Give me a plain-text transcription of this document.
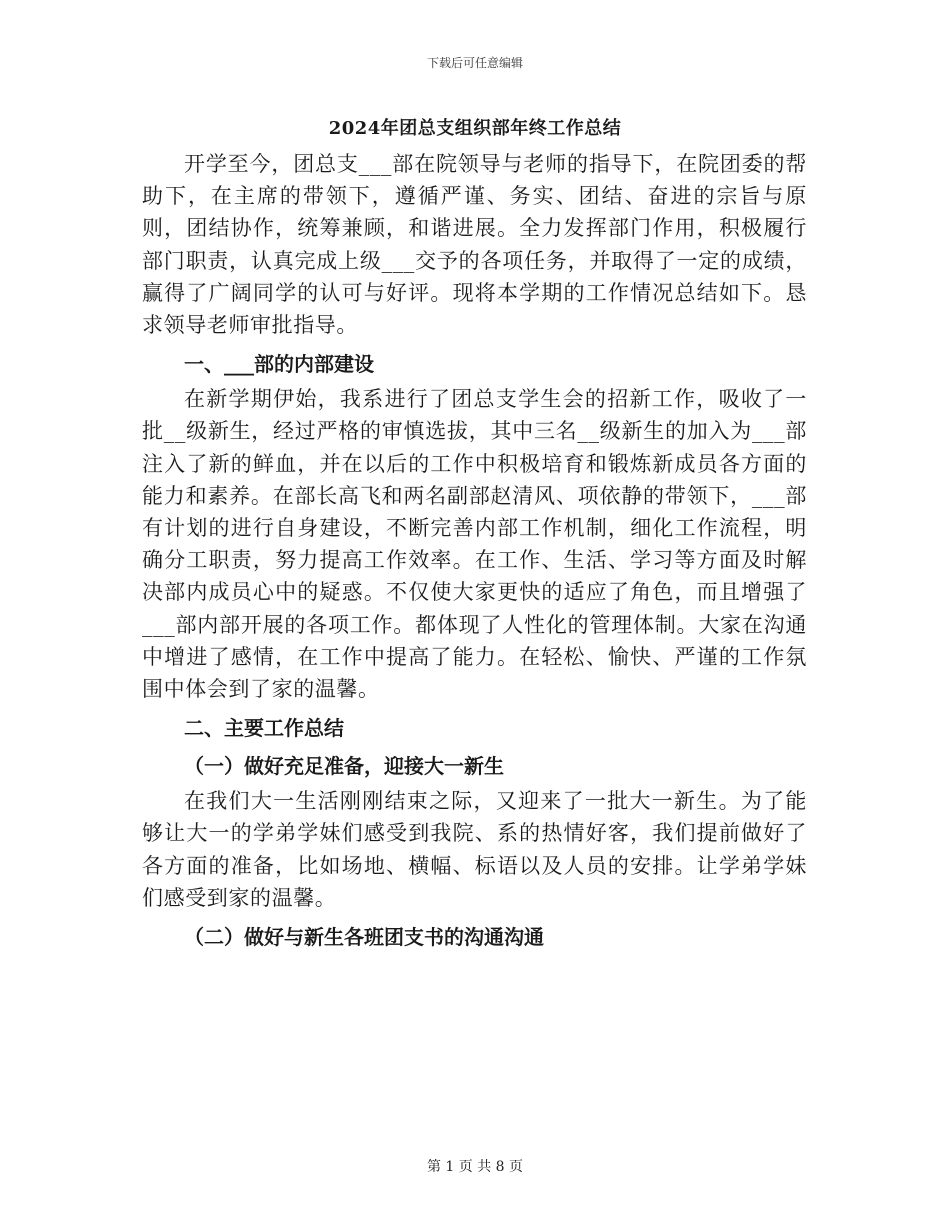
下载后可任意编辑
2024年团总支组织部年终工作总结

开学至今，团总支___部在院领导与老师的指导下，在院团委的帮助下，在主席的带领下，遵循严谨、务实、团结、奋进的宗旨与原则，团结协作，统筹兼顾，和谐进展。全力发挥部门作用，积极履行部门职责，认真完成上级___交予的各项任务，并取得了一定的成绩，赢得了广阔同学的认可与好评。现将本学期的工作情况总结如下。恳求领导老师审批指导。

一、___部的内部建设

在新学期伊始，我系进行了团总支学生会的招新工作，吸收了一批__级新生，经过严格的审慎选拔，其中三名__级新生的加入为___部注入了新的鲜血，并在以后的工作中积极培育和锻炼新成员各方面的能力和素养。在部长高飞和两名副部赵清风、项依静的带领下，___部有计划的进行自身建设，不断完善内部工作机制，细化工作流程，明确分工职责，努力提高工作效率。在工作、生活、学习等方面及时解决部内成员心中的疑惑。不仅使大家更快的适应了角色，而且增强了___部内部开展的各项工作。都体现了人性化的管理体制。大家在沟通中增进了感情，在工作中提高了能力。在轻松、愉快、严谨的工作氛围中体会到了家的温馨。

二、主要工作总结

（一）做好充足准备，迎接大一新生

在我们大一生活刚刚结束之际，又迎来了一批大一新生。为了能够让大一的学弟学妹们感受到我院、系的热情好客，我们提前做好了各方面的准备，比如场地、横幅、标语以及人员的安排。让学弟学妹们感受到家的温馨。

（二）做好与新生各班团支书的沟通沟通

第 1 页 共 8 页
